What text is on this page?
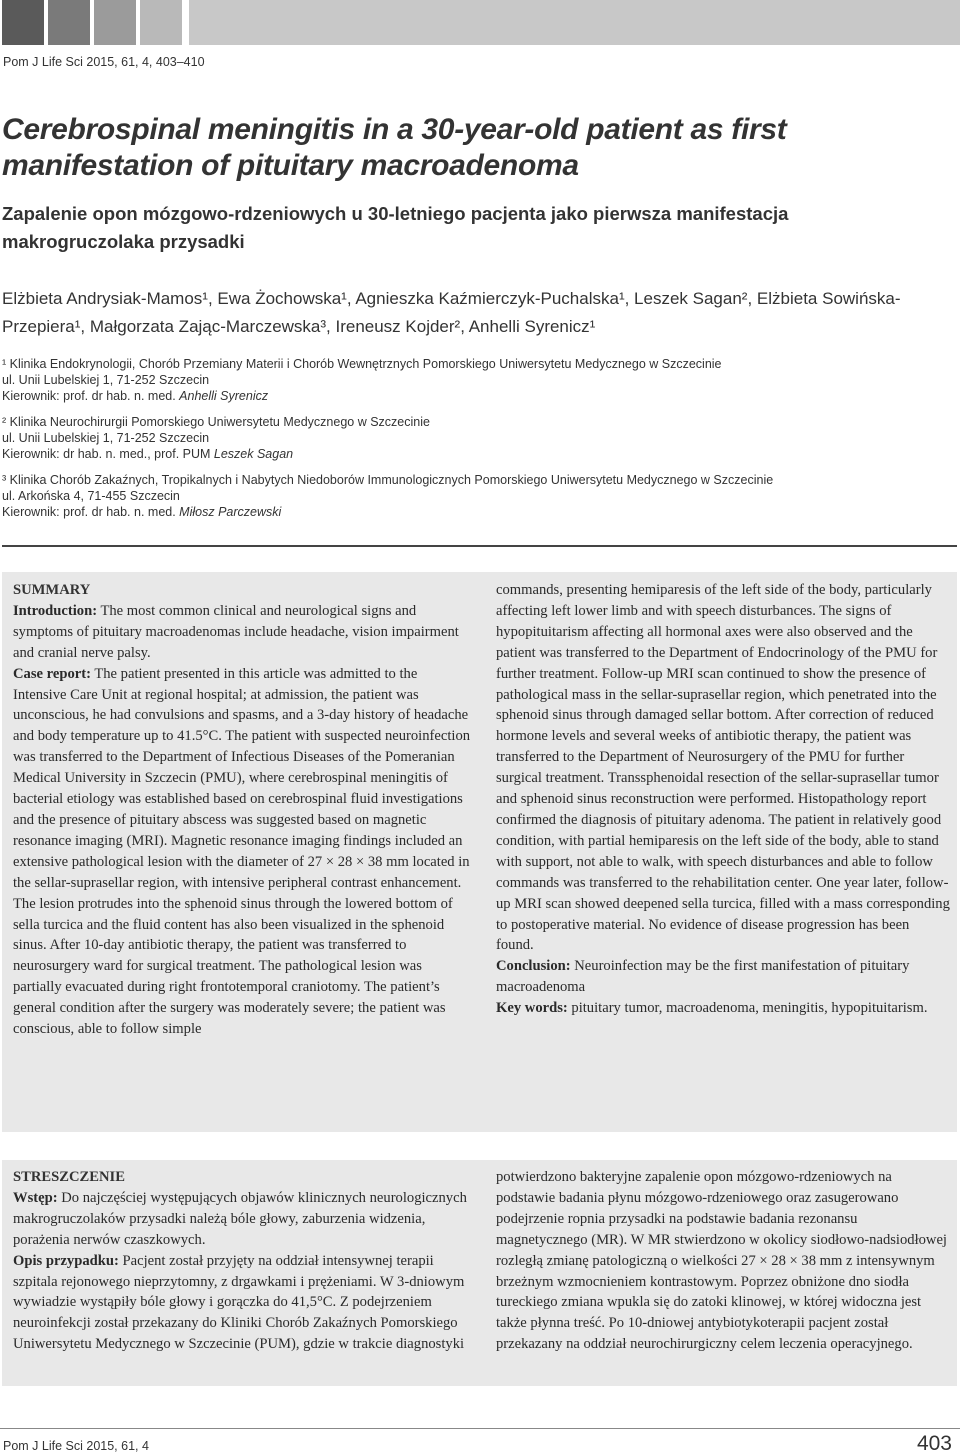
Pom J Life Sci 2015, 61, 4, 403–410
Cerebrospinal meningitis in a 30-year-old patient as first manifestation of pituitary macroadenoma
Zapalenie opon mózgowo-rdzeniowych u 30-letniego pacjenta jako pierwsza manifestacja makrogruczolaka przysadki
Elżbieta Andrysiak-Mamos¹, Ewa Żochowska¹, Agnieszka Kaźmierczyk-Puchalska¹, Leszek Sagan², Elżbieta Sowińska-Przepiera¹, Małgorzata Zając-Marczewska³, Ireneusz Kojder², Anhelli Syrenicz¹
¹ Klinika Endokrynologii, Chorób Przemiany Materii i Chorób Wewnętrznych Pomorskiego Uniwersytetu Medycznego w Szczecinie
ul. Unii Lubelskiej 1, 71-252 Szczecin
Kierownik: prof. dr hab. n. med. Anhelli Syrenicz
² Klinika Neurochirurgii Pomorskiego Uniwersytetu Medycznego w Szczecinie
ul. Unii Lubelskiej 1, 71-252 Szczecin
Kierownik: dr hab. n. med., prof. PUM Leszek Sagan
³ Klinika Chorób Zakaźnych, Tropikalnych i Nabytych Niedoborów Immunologicznych Pomorskiego Uniwersytetu Medycznego w Szczecinie
ul. Arkońska 4, 71-455 Szczecin
Kierownik: prof. dr hab. n. med. Miłosz Parczewski

SUMMARY

Introduction: The most common clinical and neurological signs and symptoms of pituitary macroadenomas include headache, vision impairment and cranial nerve palsy.

Case report: The patient presented in this article was admitted to the Intensive Care Unit at regional hospital; at admission, the patient was unconscious, he had convulsions and spasms, and a 3-day history of headache and body temperature up to 41.5°C. The patient with suspected neuroinfection was transferred to the Department of Infectious Diseases of the Pomeranian Medical University in Szczecin (PMU), where cerebrospinal meningitis of bacterial etiology was established based on cerebrospinal fluid investigations and the presence of pituitary abscess was suggested based on magnetic resonance imaging (MRI). Magnetic resonance imaging findings included an extensive pathological lesion with the diameter of 27 × 28 × 38 mm located in the sellar-suprasellar region, with intensive peripheral contrast enhancement. The lesion protrudes into the sphenoid sinus through the lowered bottom of sella turcica and the fluid content has also been visualized in the sphenoid sinus. After 10-day antibiotic therapy, the patient was transferred to neurosurgery ward for surgical treatment. The pathological lesion was partially evacuated during right frontotemporal craniotomy. The patient’s general condition after the surgery was moderately severe; the patient was conscious, able to follow simple

commands, presenting hemiparesis of the left side of the body, particularly affecting left lower limb and with speech disturbances. The signs of hypopituitarism affecting all hormonal axes were also observed and the patient was transferred to the Department of Endocrinology of the PMU for further treatment. Follow-up MRI scan continued to show the presence of pathological mass in the sellar-suprasellar region, which penetrated into the sphenoid sinus through damaged sellar bottom. After correction of reduced hormone levels and several weeks of antibiotic therapy, the patient was transferred to the Department of Neurosurgery of the PMU for further surgical treatment. Transsphenoidal resection of the sellar-suprasellar tumor and sphenoid sinus reconstruction were performed. Histopathology report confirmed the diagnosis of pituitary adenoma. The patient in relatively good condition, with partial hemiparesis on the left side of the body, able to stand with support, not able to walk, with speech disturbances and able to follow commands was transferred to the rehabilitation center. One year later, follow-up MRI scan showed deepened sella turcica, filled with a mass corresponding to postoperative material. No evidence of disease progression has been found.

Conclusion: Neuroinfection may be the first manifestation of pituitary macroadenoma

Key words: pituitary tumor, macroadenoma, meningitis, hypopituitarism.

STRESZCZENIE

Wstęp: Do najczęściej występujących objawów klinicznych neurologicznych makrogruczolaków przysadki należą bóle głowy, zaburzenia widzenia, porażenia nerwów czaszkowych.

Opis przypadku: Pacjent został przyjęty na oddział intensywnej terapii szpitala rejonowego nieprzytomny, z drgawkami i prężeniami. W 3-dniowym wywiadzie wystąpiły bóle głowy i gorączka do 41,5°C. Z podejrzeniem neuroinfekcji został przekazany do Kliniki Chorób Zakaźnych Pomorskiego Uniwersytetu Medycznego w Szczecinie (PUM), gdzie w trakcie diagnostyki

potwierdzono bakteryjne zapalenie opon mózgowo-rdzeniowych na podstawie badania płynu mózgowo-rdzeniowego oraz zasugerowano podejrzenie ropnia przysadki na podstawie badania rezonansu magnetycznego (MR). W MR stwierdzono w okolicy siodłowo-nadsiodłowej rozległą zmianę patologiczną o wielkości 27 × 28 × 38 mm z intensywnym brzeżnym wzmocnieniem kontrastowym. Poprzez obniżone dno siodła tureckiego zmiana wpukla się do zatoki klinowej, w której widoczna jest także płynna treść. Po 10-dniowej antybiotykoterapii pacjent został przekazany na oddział neurochirurgiczny celem leczenia operacyjnego.

Pom J Life Sci 2015, 61, 4	403
